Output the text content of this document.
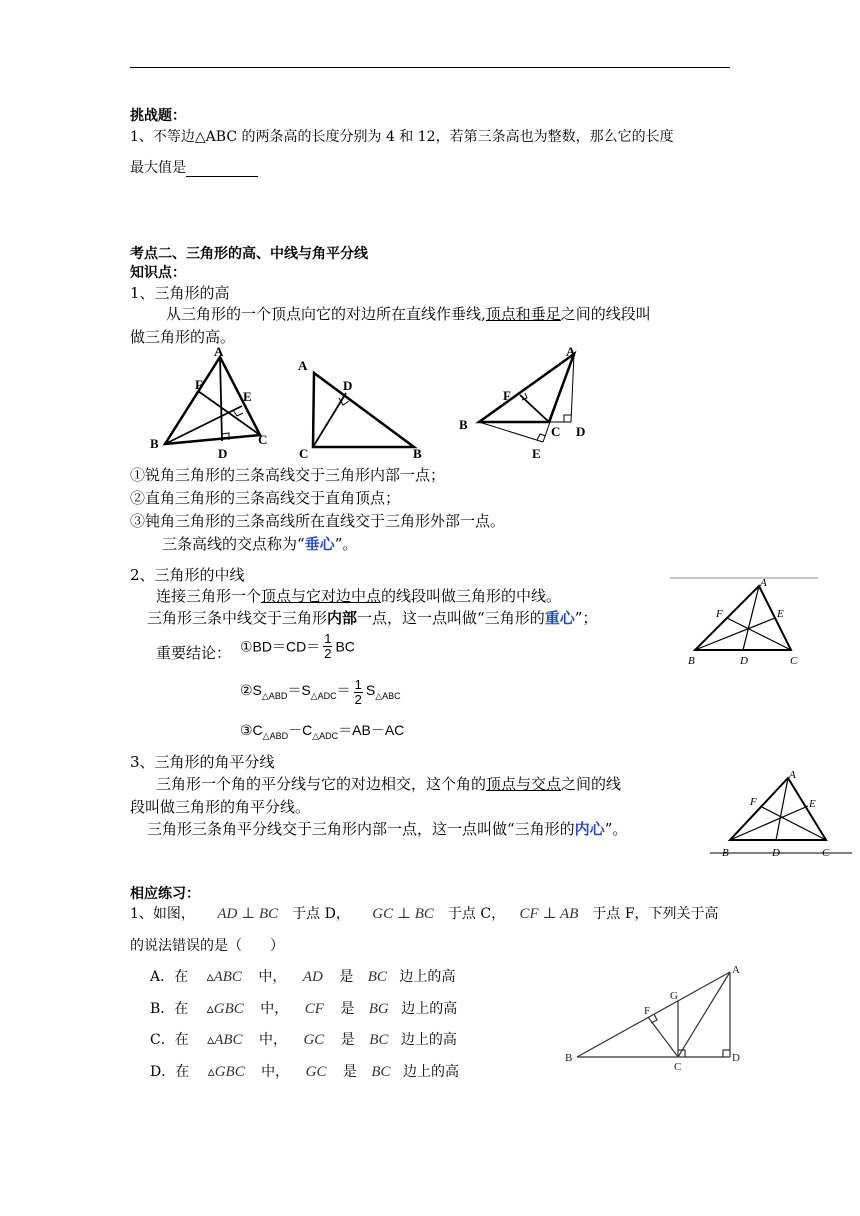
挑战题：
1、不等边△ABC 的两条高的长度分别为 4 和 12，若第三条高也为整数，那么它的长度
最大值是
考点二、三角形的高、中线与角平分线
知识点：
1、三角形的高
从三角形的一个顶点向它的对边所在直线作垂线,顶点和垂足之间的线段叫
做三角形的高。
A
F
E
B
D
C
A
D
C	B
A
F
B	C D
E
①锐角三角形的三条高线交于三角形内部一点；
②直角三角形的三条高线交于直角顶点；
③钝角三角形的三条高线所在直线交于三角形外部一点。
三条高线的交点称为“垂心”。
2、三角形的中线
连接三角形一个顶点与它对边中点的线段叫做三角形的中线。
三角形三条中线交于三角形内部一点，这一点叫做“三角形的重心”；
重要结论： ①BD＝CD＝ $\frac{1}{2}$ BC
$②S_{\triangle ABD}=S_{\triangle ADC}= \frac{1}{2} S_{\triangle ABC}$
$③C_{\triangle ABD}-C_{\triangle ADC}=AB-AC$
A
F	E
B	D	C
3、三角形的角平分线
三角形一个角的平分线与它的对边相交，这个角的顶点与交点之间的线
段叫做三角形的角平分线。
三角形三条角平分线交于三角形内部一点，这一点叫做“三角形的内心”。
A
F	E
B	D	C
相应练习：
1、如图， AD ⊥ BC 于点 D， GC ⊥ BC 于点 C， CF ⊥ AB 于点 F，下列关于高
的说法错误的是（　　）
A．在 ▵ABC 中， AD 是 BC 边上的高
B．在 ▵GBC 中， CF 是 BG 边上的高
C．在 ▵ABC 中， GC 是 BC 边上的高
D．在 ▵GBC 中， GC 是 BC 边上的高
A
G
F
B
C
D
